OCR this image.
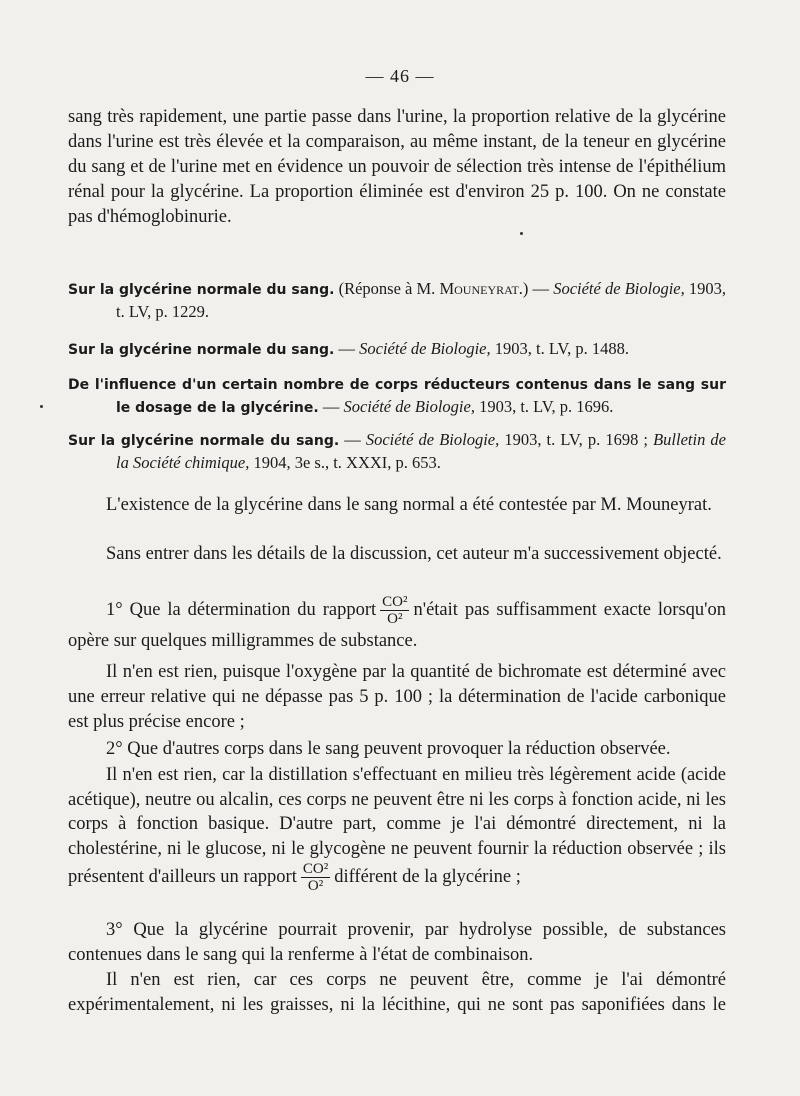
— 46 —
sang très rapidement, une partie passe dans l'urine, la proportion relative de la glycérine dans l'urine est très élevée et la comparaison, au même instant, de la teneur en glycérine du sang et de l'urine met en évidence un pouvoir de sélection très intense de l'épithélium rénal pour la glycérine. La proportion éliminée est d'environ 25 p. 100. On ne constate pas d'hémoglobinurie.
Sur la glycérine normale du sang. (Réponse à M. Mouneyrat.) — Société de Biologie, 1903, t. LV, p. 1229.
Sur la glycérine normale du sang. — Société de Biologie, 1903, t. LV, p. 1488.
De l'influence d'un certain nombre de corps réducteurs contenus dans le sang sur le dosage de la glycérine. — Société de Biologie, 1903, t. LV, p. 1696.
Sur la glycérine normale du sang. — Société de Biologie, 1903, t. LV, p. 1698 ; Bulletin de la Société chimique, 1904, 3e s., t. XXXI, p. 653.
L'existence de la glycérine dans le sang normal a été contestée par M. Mouneyrat.
Sans entrer dans les détails de la discussion, cet auteur m'a successivement objecté.
1° Que la détermination du rapport $\frac{\text{CO²}}{\text{O²}}$ n'était pas suffisamment exacte lorsqu'on opère sur quelques milligrammes de substance.
Il n'en est rien, puisque l'oxygène par la quantité de bichromate est déterminé avec une erreur relative qui ne dépasse pas 5 p. 100 ; la détermination de l'acide carbonique est plus précise encore ;
2° Que d'autres corps dans le sang peuvent provoquer la réduction observée.
Il n'en est rien, car la distillation s'effectuant en milieu très légèrement acide (acide acétique), neutre ou alcalin, ces corps ne peuvent être ni les corps à fonction acide, ni les corps à fonction basique. D'autre part, comme je l'ai démontré directement, ni la cholestérine, ni le glucose, ni le glycogène ne peuvent fournir la réduction observée ; ils présentent d'ailleurs un rapport $\frac{\text{CO²}}{\text{O²}}$ différent de la glycérine ;
3° Que la glycérine pourrait provenir, par hydrolyse possible, de substances contenues dans le sang qui la renferme à l'état de combinaison.
Il n'en est rien, car ces corps ne peuvent être, comme je l'ai démontré expérimentalement, ni les graisses, ni la lécithine, qui ne sont pas saponifiées dans le
